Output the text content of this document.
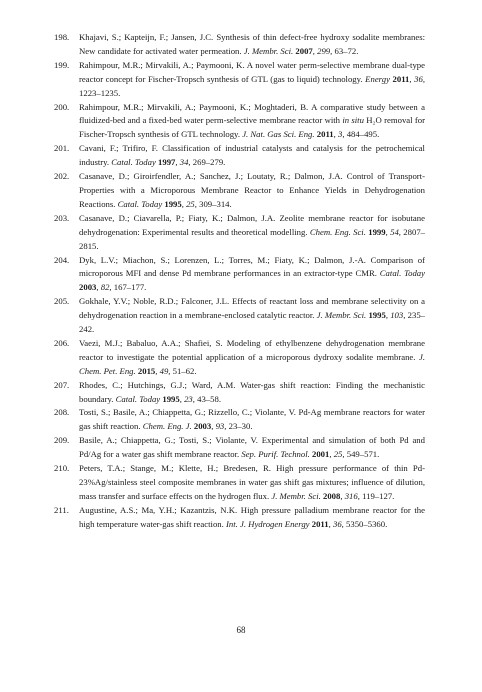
198. Khajavi, S.; Kapteijn, F.; Jansen, J.C. Synthesis of thin defect-free hydroxy sodalite membranes: New candidate for activated water permeation. J. Membr. Sci. 2007, 299, 63–72.
199. Rahimpour, M.R.; Mirvakili, A.; Paymooni, K. A novel water perm-selective membrane dual-type reactor concept for Fischer-Tropsch synthesis of GTL (gas to liquid) technology. Energy 2011, 36, 1223–1235.
200. Rahimpour, M.R.; Mirvakili, A.; Paymooni, K.; Moghtaderi, B. A comparative study between a fluidized-bed and a fixed-bed water perm-selective membrane reactor with in situ H₂O removal for Fischer-Tropsch synthesis of GTL technology. J. Nat. Gas Sci. Eng. 2011, 3, 484–495.
201. Cavani, F.; Trifiro, F. Classification of industrial catalysts and catalysis for the petrochemical industry. Catal. Today 1997, 34, 269–279.
202. Casanave, D.; Giroirfendler, A.; Sanchez, J.; Loutaty, R.; Dalmon, J.A. Control of Transport-Properties with a Microporous Membrane Reactor to Enhance Yields in Dehydrogenation Reactions. Catal. Today 1995, 25, 309–314.
203. Casanave, D.; Ciavarella, P.; Fiaty, K.; Dalmon, J.A. Zeolite membrane reactor for isobutane dehydrogenation: Experimental results and theoretical modelling. Chem. Eng. Sci. 1999, 54, 2807–2815.
204. Dyk, L.V.; Miachon, S.; Lorenzen, L.; Torres, M.; Fiaty, K.; Dalmon, J.-A. Comparison of microporous MFI and dense Pd membrane performances in an extractor-type CMR. Catal. Today 2003, 82, 167–177.
205. Gokhale, Y.V.; Noble, R.D.; Falconer, J.L. Effects of reactant loss and membrane selectivity on a dehydrogenation reaction in a membrane-enclosed catalytic reactor. J. Membr. Sci. 1995, 103, 235–242.
206. Vaezi, M.J.; Babaluo, A.A.; Shafiei, S. Modeling of ethylbenzene dehydrogenation membrane reactor to investigate the potential application of a microporous dydroxy sodalite membrane. J. Chem. Pet. Eng. 2015, 49, 51–62.
207. Rhodes, C.; Hutchings, G.J.; Ward, A.M. Water-gas shift reaction: Finding the mechanistic boundary. Catal. Today 1995, 23, 43–58.
208. Tosti, S.; Basile, A.; Chiappetta, G.; Rizzello, C.; Violante, V. Pd-Ag membrane reactors for water gas shift reaction. Chem. Eng. J. 2003, 93, 23–30.
209. Basile, A.; Chiappetta, G.; Tosti, S.; Violante, V. Experimental and simulation of both Pd and Pd/Ag for a water gas shift membrane reactor. Sep. Purif. Technol. 2001, 25, 549–571.
210. Peters, T.A.; Stange, M.; Klette, H.; Bredesen, R. High pressure performance of thin Pd-23%Ag/stainless steel composite membranes in water gas shift gas mixtures; influence of dilution, mass transfer and surface effects on the hydrogen flux. J. Membr. Sci. 2008, 316, 119–127.
211. Augustine, A.S.; Ma, Y.H.; Kazantzis, N.K. High pressure palladium membrane reactor for the high temperature water-gas shift reaction. Int. J. Hydrogen Energy 2011, 36, 5350–5360.
68
